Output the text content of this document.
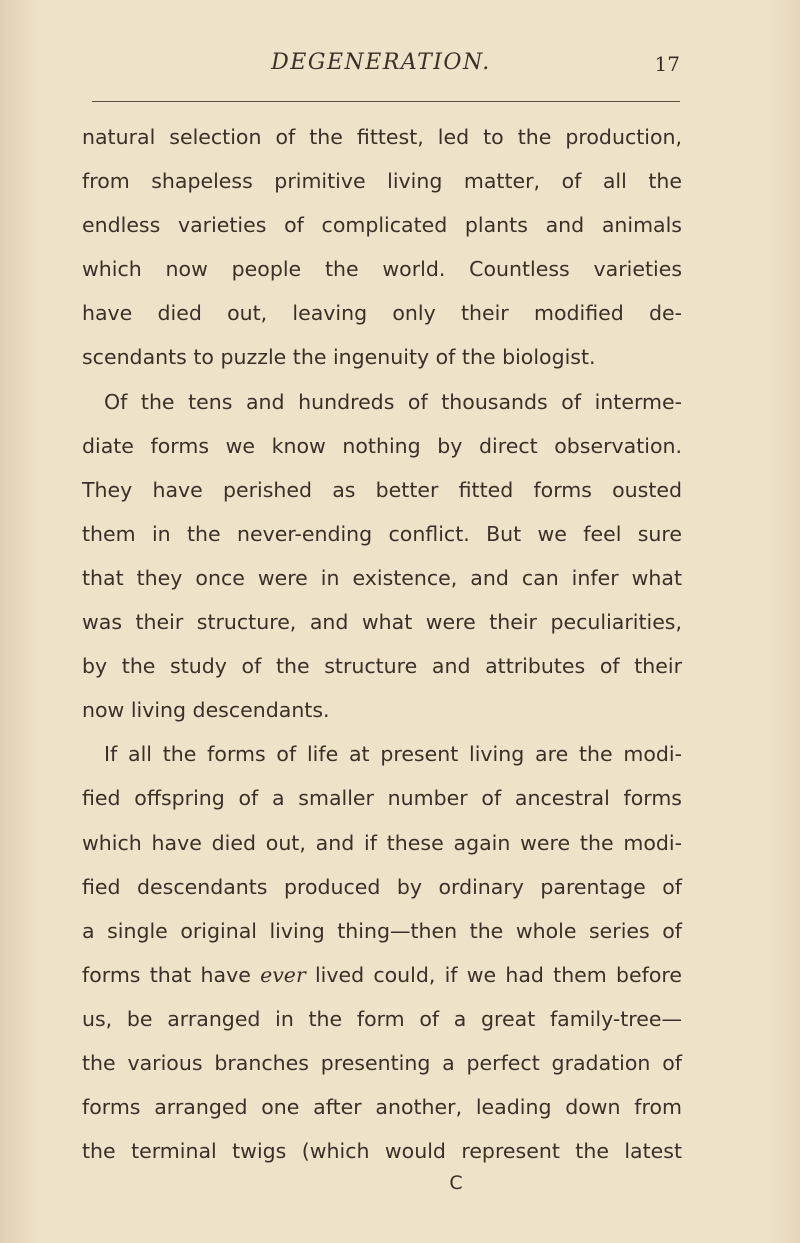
DEGENERATION.	17
natural selection of the fittest, led to the production,
from shapeless primitive living matter, of all the
endless varieties of complicated plants and animals
which now people the world. Countless varieties
have died out, leaving only their modified de-
scendants to puzzle the ingenuity of the biologist.
Of the tens and hundreds of thousands of interme-
diate forms we know nothing by direct observation.
They have perished as better fitted forms ousted
them in the never-ending conflict. But we feel sure
that they once were in existence, and can infer what
was their structure, and what were their peculiarities,
by the study of the structure and attributes of their
now living descendants.
If all the forms of life at present living are the modi-
fied offspring of a smaller number of ancestral forms
which have died out, and if these again were the modi-
fied descendants produced by ordinary parentage of
a single original living thing—then the whole series of
forms that have ever lived could, if we had them before
us, be arranged in the form of a great family-tree—
the various branches presenting a perfect gradation of
forms arranged one after another, leading down from
the terminal twigs (which would represent the latest
C
